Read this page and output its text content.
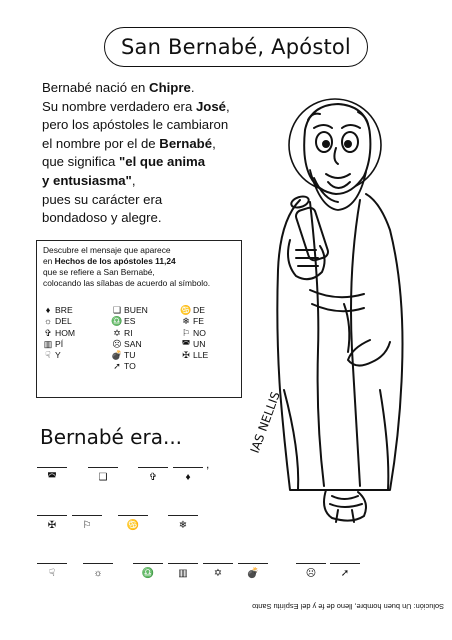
San Bernabé, Apóstol
Bernabé nació en Chipre.
Su nombre verdadero era José,
pero los apóstoles le cambiaron
el nombre por el de Bernabé,
que significa "el que anima
y entusiasma",
pues su carácter era
bondadoso y alegre.
Descubre el mensaje que aparece
en Hechos de los apóstoles 11,24
que se refiere a San Bernabé,
colocando las sílabas de acuerdo al símbolo.
♦ BRE
☼ DEL
✞ HOM
▥ PÍ
☟ Y
❑ BUEN
♎ ES
✡ RI
☹ SAN
💣 TU
➚ TO
♋ DE
❄ FE
⚐ NO
◚ UN
✠ LLE
Bernabé era...
◚	❑	✞	♦
,
✠	⚐	♋	❄
☟	☼	♎	▥	✡	💣	☹	➚
IAS NELLIS
Solución: Un buen hombre, lleno de fe y del Espíritu Santo
